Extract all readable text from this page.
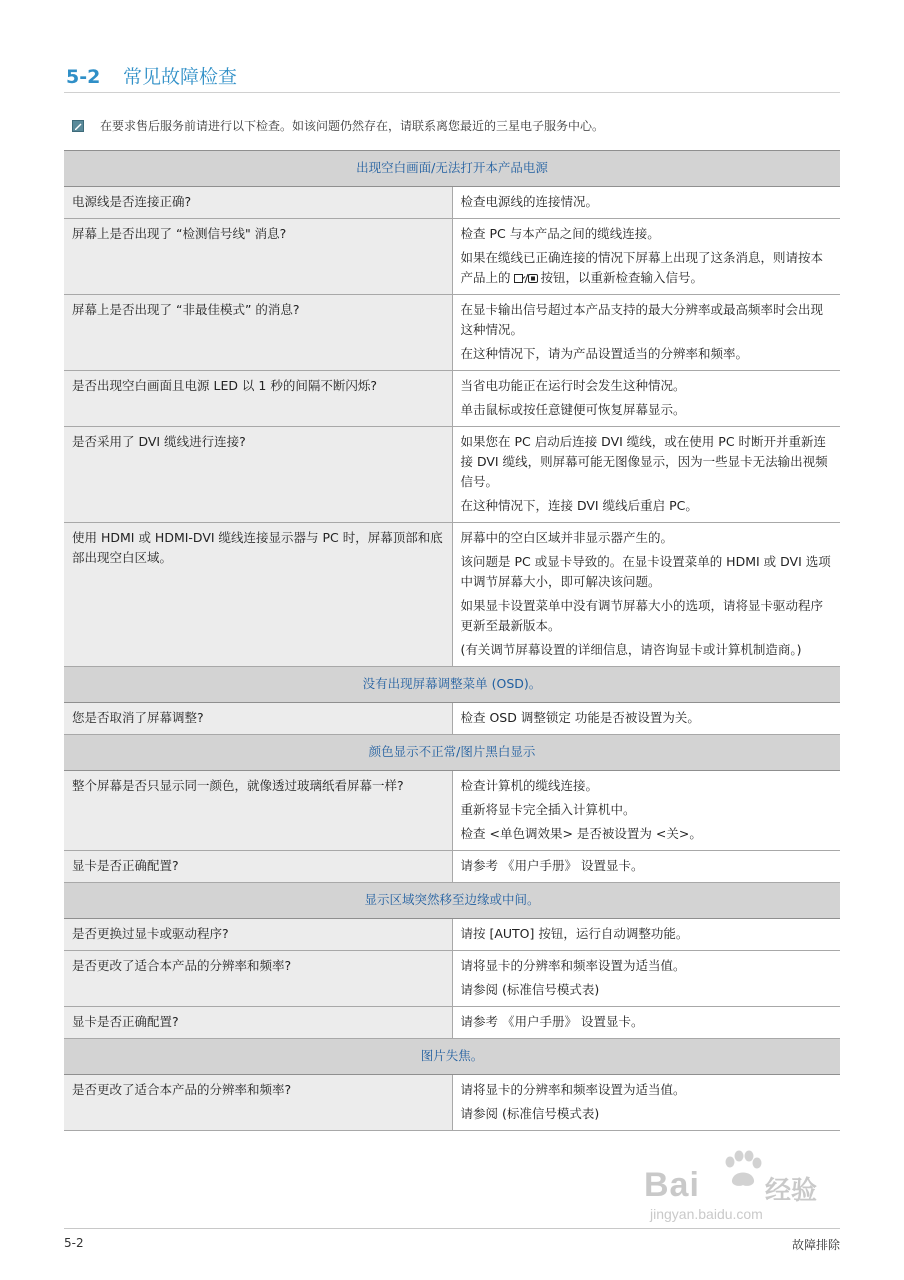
5-2 常见故障检查
在要求售后服务前请进行以下检查。如该问题仍然存在，请联系离您最近的三星电子服务中心。
出现空白画面/无法打开本产品电源	

电源线是否连接正确?	检查电源线的连接情况。

屏幕上是否出现了 “检测信号线" 消息?	检查 PC 与本产品之间的缆线连接。
如果在缆线已正确连接的情况下屏幕上出现了这条消息，则请按本产品上的 按钮，以重新检查输入信号。

屏幕上是否出现了 “非最佳模式” 的消息?	在显卡输出信号超过本产品支持的最大分辨率或最高频率时会出现这种情况。
在这种情况下，请为产品设置适当的分辨率和频率。

是否出现空白画面且电源 LED 以 1 秒的间隔不断闪烁?	当省电功能正在运行时会发生这种情况。
单击鼠标或按任意键便可恢复屏幕显示。

是否采用了 DVI 缆线进行连接?	如果您在 PC 启动后连接 DVI 缆线，或在使用 PC 时断开并重新连接 DVI 缆线，则屏幕可能无图像显示，因为一些显卡无法输出视频信号。
在这种情况下，连接 DVI 缆线后重启 PC。

使用 HDMI 或 HDMI-DVI 缆线连接显示器与 PC 时，屏幕顶部和底部出现空白区域。	屏幕中的空白区域并非显示器产生的。
该问题是 PC 或显卡导致的。在显卡设置菜单的 HDMI 或 DVI 选项中调节屏幕大小，即可解决该问题。
如果显卡设置菜单中没有调节屏幕大小的选项，请将显卡驱动程序更新至最新版本。
(有关调节屏幕设置的详细信息，请咨询显卡或计算机制造商。)

没有出现屏幕调整菜单 (OSD)。	

您是否取消了屏幕调整?	检查 OSD 调整锁定 功能是否被设置为关。

颜色显示不正常/图片黑白显示	

整个屏幕是否只显示同一颜色，就像透过玻璃纸看屏幕一样?	检查计算机的缆线连接。
重新将显卡完全插入计算机中。
检查 <单色调效果> 是否被设置为 <关>。

显卡是否正确配置?	请参考 《用户手册》 设置显卡。

显示区域突然移至边缘或中间。	

是否更换过显卡或驱动程序?	请按 [AUTO] 按钮，运行自动调整功能。

是否更改了适合本产品的分辨率和频率?	请将显卡的分辨率和频率设置为适当值。
请参阅 (标准信号模式表)

显卡是否正确配置?	请参考 《用户手册》 设置显卡。

图片失焦。	

是否更改了适合本产品的分辨率和频率?	请将显卡的分辨率和频率设置为适当值。
请参阅 (标准信号模式表)
Bai	经验
jingyan.baidu.com
5-2	故障排除
